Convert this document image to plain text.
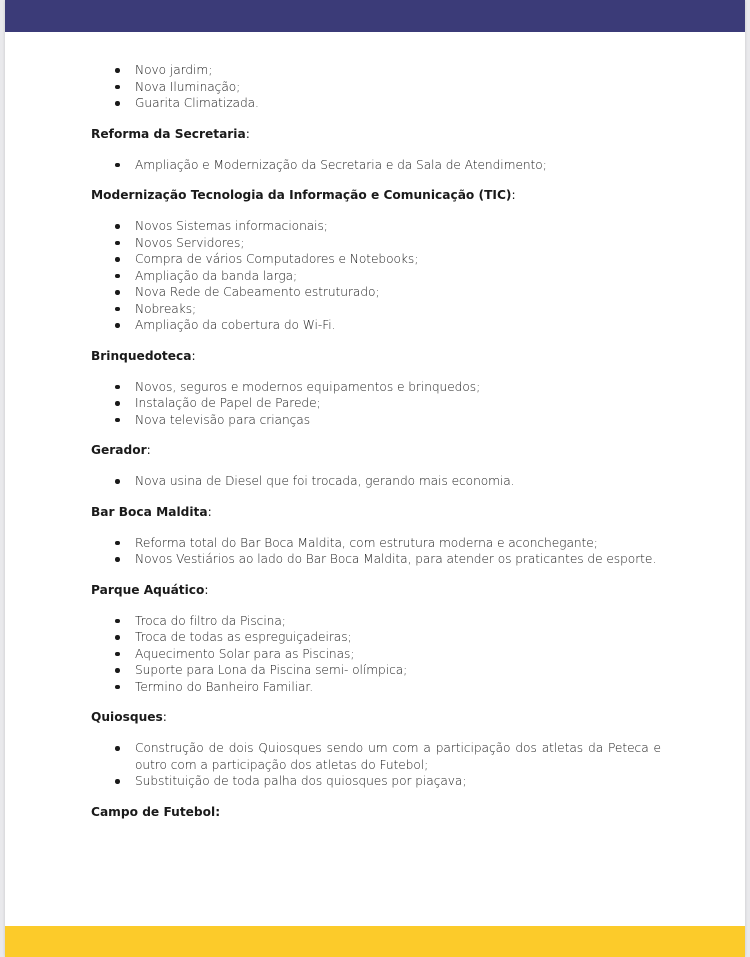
Novo jardim;
Nova Iluminação;
Guarita Climatizada.
Reforma da Secretaria:
Ampliação e Modernização da Secretaria e da Sala de Atendimento;
Modernização Tecnologia da Informação e Comunicação (TIC):
Novos Sistemas informacionais;
Novos Servidores;
Compra de vários Computadores e Notebooks;
Ampliação da banda larga;
Nova Rede de Cabeamento estruturado;
Nobreaks;
Ampliação da cobertura do Wi-Fi.
Brinquedoteca:
Novos, seguros e modernos equipamentos e brinquedos;
Instalação de Papel de Parede;
Nova televisão para crianças
Gerador:
Nova usina de Diesel que foi trocada, gerando mais economia.
Bar Boca Maldita:
Reforma total do Bar Boca Maldita, com estrutura moderna e aconchegante;
Novos Vestiários ao lado do Bar Boca Maldita, para atender os praticantes de esporte.
Parque Aquático:
Troca do filtro da Piscina;
Troca de todas as espreguiçadeiras;
Aquecimento Solar para as Piscinas;
Suporte para Lona da Piscina semi- olímpica;
Termino do Banheiro Familiar.
Quiosques:
Construção de dois Quiosques sendo um com a participação dos atletas da Peteca e outro com a participação dos atletas do Futebol;
Substituição de toda palha dos quiosques por piaçava;
Campo de Futebol:
